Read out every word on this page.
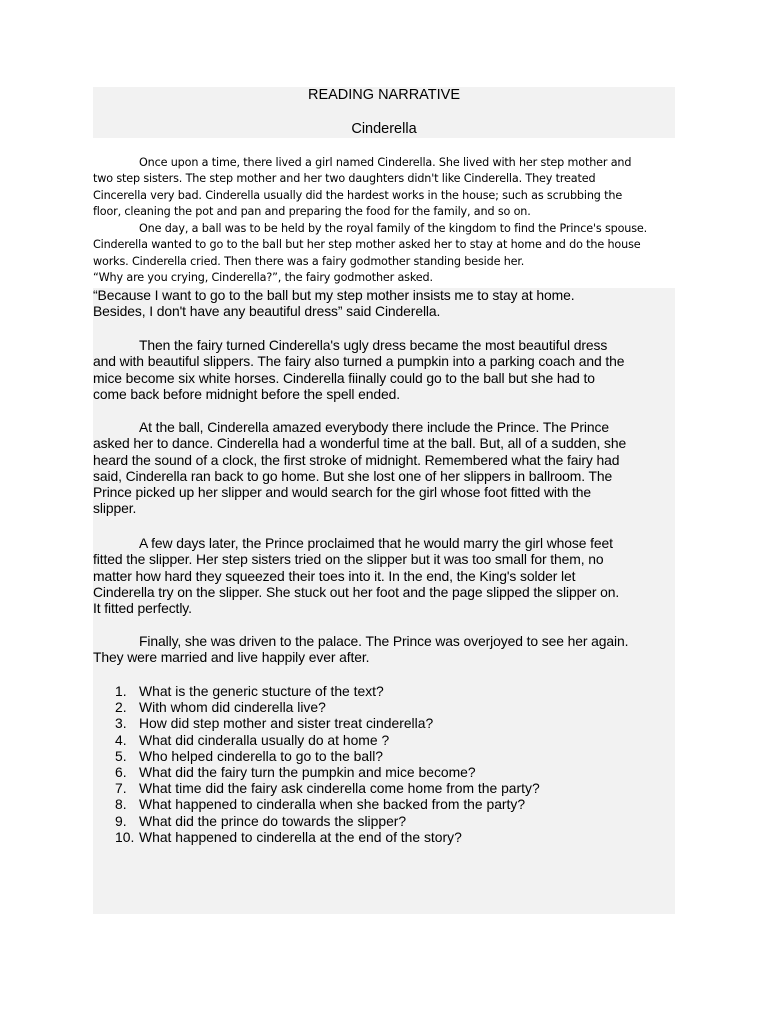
READING NARRATIVE
Cinderella
Once upon a time, there lived a girl named Cinderella. She lived with her step mother and
two step sisters. The step mother and her two daughters didn't like Cinderella. They treated
Cincerella very bad. Cinderella usually did the hardest works in the house; such as scrubbing the
floor, cleaning the pot and pan and preparing the food for the family, and so on.
One day, a ball was to be held by the royal family of the kingdom to find the Prince's spouse.
Cinderella wanted to go to the ball but her step mother asked her to stay at home and do the house
works. Cinderella cried. Then there was a fairy godmother standing beside her.
“Why are you crying, Cinderella?”, the fairy godmother asked.
“Because I want to go to the ball but my step mother insists me to stay at home.
Besides, I don't have any beautiful dress” said Cinderella.
Then the fairy turned Cinderella's ugly dress became the most beautiful dress
and with beautiful slippers. The fairy also turned a pumpkin into a parking coach and the
mice become six white horses. Cinderella fiinally could go to the ball but she had to
come back before midnight before the spell ended.
At the ball, Cinderella amazed everybody there include the Prince. The Prince
asked her to dance. Cinderella had a wonderful time at the ball. But, all of a sudden, she
heard the sound of a clock, the first stroke of midnight. Remembered what the fairy had
said, Cinderella ran back to go home. But she lost one of her slippers in ballroom. The
Prince picked up her slipper and would search for the girl whose foot fitted with the
slipper.
A few days later, the Prince proclaimed that he would marry the girl whose feet
fitted the slipper. Her step sisters tried on the slipper but it was too small for them, no
matter how hard they squeezed their toes into it. In the end, the King's solder let
Cinderella try on the slipper. She stuck out her foot and the page slipped the slipper on.
It fitted perfectly.
Finally, she was driven to the palace. The Prince was overjoyed to see her again.
They were married and live happily ever after.
1. What is the generic stucture of the text?
2. With whom did cinderella live?
3. How did step mother and sister treat cinderella?
4. What did cinderalla usually do at home ?
5. Who helped cinderella to go to the ball?
6. What did the fairy turn the pumpkin and mice become?
7. What time did the fairy ask cinderella come home from the party?
8. What happened to cinderalla when she backed from the party?
9. What did the prince do towards the slipper?
10. What happened to cinderella at the end of the story?
